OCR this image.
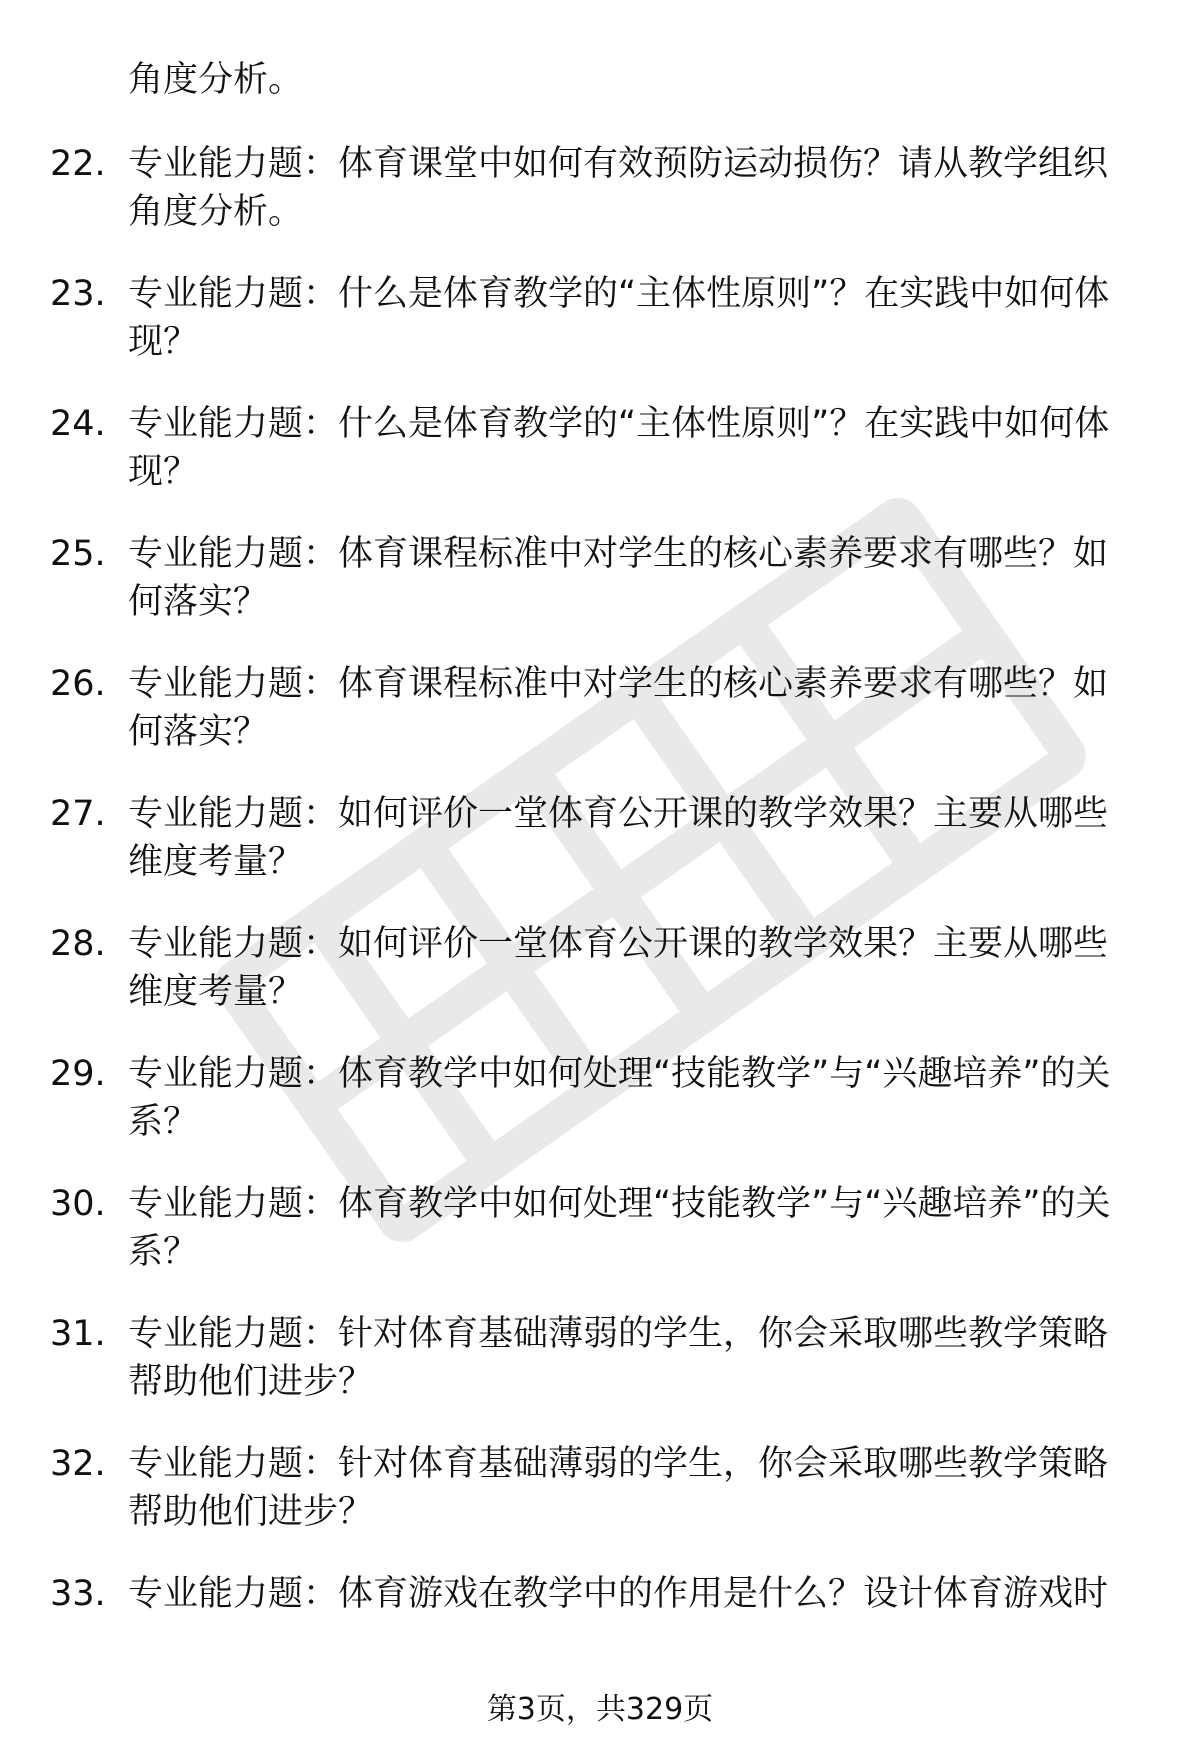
角度分析。
22. 专业能力题：体育课堂中如何有效预防运动损伤？请从教学组织角度分析。
23. 专业能力题：什么是体育教学的“主体性原则”？在实践中如何体现？
24. 专业能力题：什么是体育教学的“主体性原则”？在实践中如何体现？
25. 专业能力题：体育课程标准中对学生的核心素养要求有哪些？如何落实？
26. 专业能力题：体育课程标准中对学生的核心素养要求有哪些？如何落实？
27. 专业能力题：如何评价一堂体育公开课的教学效果？主要从哪些维度考量？
28. 专业能力题：如何评价一堂体育公开课的教学效果？主要从哪些维度考量？
29. 专业能力题：体育教学中如何处理“技能教学”与“兴趣培养”的关系？
30. 专业能力题：体育教学中如何处理“技能教学”与“兴趣培养”的关系？
31. 专业能力题：针对体育基础薄弱的学生，你会采取哪些教学策略帮助他们进步？
32. 专业能力题：针对体育基础薄弱的学生，你会采取哪些教学策略帮助他们进步？
33. 专业能力题：体育游戏在教学中的作用是什么？设计体育游戏时
第3页，共329页
